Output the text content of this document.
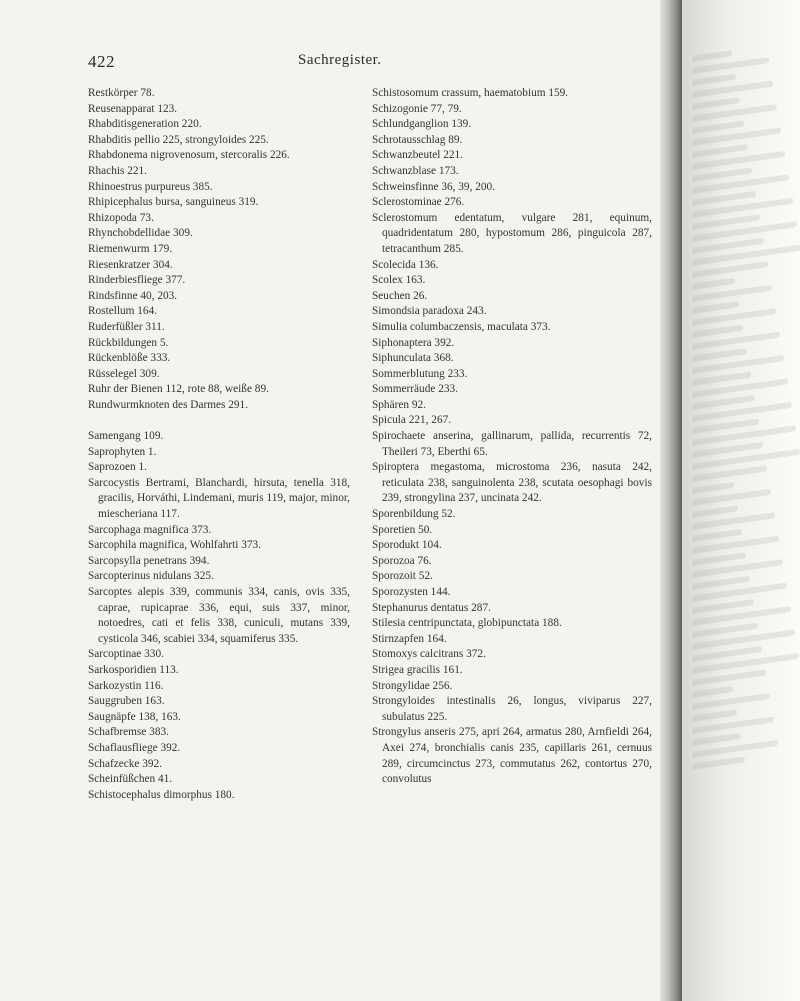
422	Sachregister.

Restkörper 78.

Reusenapparat 123.

Rhabditisgeneration 220.

Rhabditis pellio 225, strongyloides 225.

Rhabdonema nigrovenosum, stercoralis 226.

Rhachis 221.

Rhinoestrus purpureus 385.

Rhipicephalus bursa, sanguineus 319.

Rhizopoda 73.

Rhynchobdellidae 309.

Riemenwurm 179.

Riesenkratzer 304.

Rinderbiesfliege 377.

Rindsfinne 40, 203.

Rostellum 164.

Ruderfüßler 311.

Rückbildungen 5.

Rückenblöße 333.

Rüsselegel 309.

Ruhr der Bienen 112, rote 88, weiße 89.

Rundwurmknoten des Darmes 291.

Samengang 109.

Saprophyten 1.

Saprozoen 1.

Sarcocystis Bertrami, Blanchardi, hirsuta, tenella 318, gracilis, Horváthi, Lindemani, muris 119, major, minor, miescheriana 117.

Sarcophaga magnifica 373.

Sarcophila magnifica, Wohlfahrti 373.

Sarcopsylla penetrans 394.

Sarcopterinus nidulans 325.

Sarcoptes alepis 339, communis 334, canis, ovis 335, caprae, rupicaprae 336, equi, suis 337, minor, notoedres, cati et felis 338, cuniculi, mutans 339, cysticola 346, scabiei 334, squamiferus 335.

Sarcoptinae 330.

Sarkosporidien 113.

Sarkozystin 116.

Sauggruben 163.

Saugnäpfe 138, 163.

Schafbremse 383.

Schaflausfliege 392.

Schafzecke 392.

Scheinfüßchen 41.

Schistocephalus dimorphus 180.

Schistosomum crassum, haematobium 159.

Schizogonie 77, 79.

Schlundganglion 139.

Schrotausschlag 89.

Schwanzbeutel 221.

Schwanzblase 173.

Schweinsfinne 36, 39, 200.

Sclerostominae 276.

Sclerostomum edentatum, vulgare 281, equinum, quadridentatum 280, hypostomum 286, pinguicola 287, tetracanthum 285.

Scolecida 136.

Scolex 163.

Seuchen 26.

Simondsia paradoxa 243.

Simulia columbaczensis, maculata 373.

Siphonaptera 392.

Siphunculata 368.

Sommerblutung 233.

Sommerräude 233.

Sphären 92.

Spicula 221, 267.

Spirochaete anserina, gallinarum, pallida, recurrentis 72, Theileri 73, Eberthi 65.

Spiroptera megastoma, microstoma 236, nasuta 242, reticulata 238, sanguinolenta 238, scutata oesophagi bovis 239, strongylina 237, uncinata 242.

Sporenbildung 52.

Sporetien 50.

Sporodukt 104.

Sporozoa 76.

Sporozoit 52.

Sporozysten 144.

Stephanurus dentatus 287.

Stilesia centripunctata, globipunctata 188.

Stirnzapfen 164.

Stomoxys calcitrans 372.

Strigea gracilis 161.

Strongylidae 256.

Strongyloides intestinalis 26, longus, viviparus 227, subulatus 225.

Strongylus anseris 275, apri 264, armatus 280, Arnfieldi 264, Axei 274, bronchialis canis 235, capillaris 261, cernuus 289, circumcinctus 273, commutatus 262, contortus 270, convolutus
